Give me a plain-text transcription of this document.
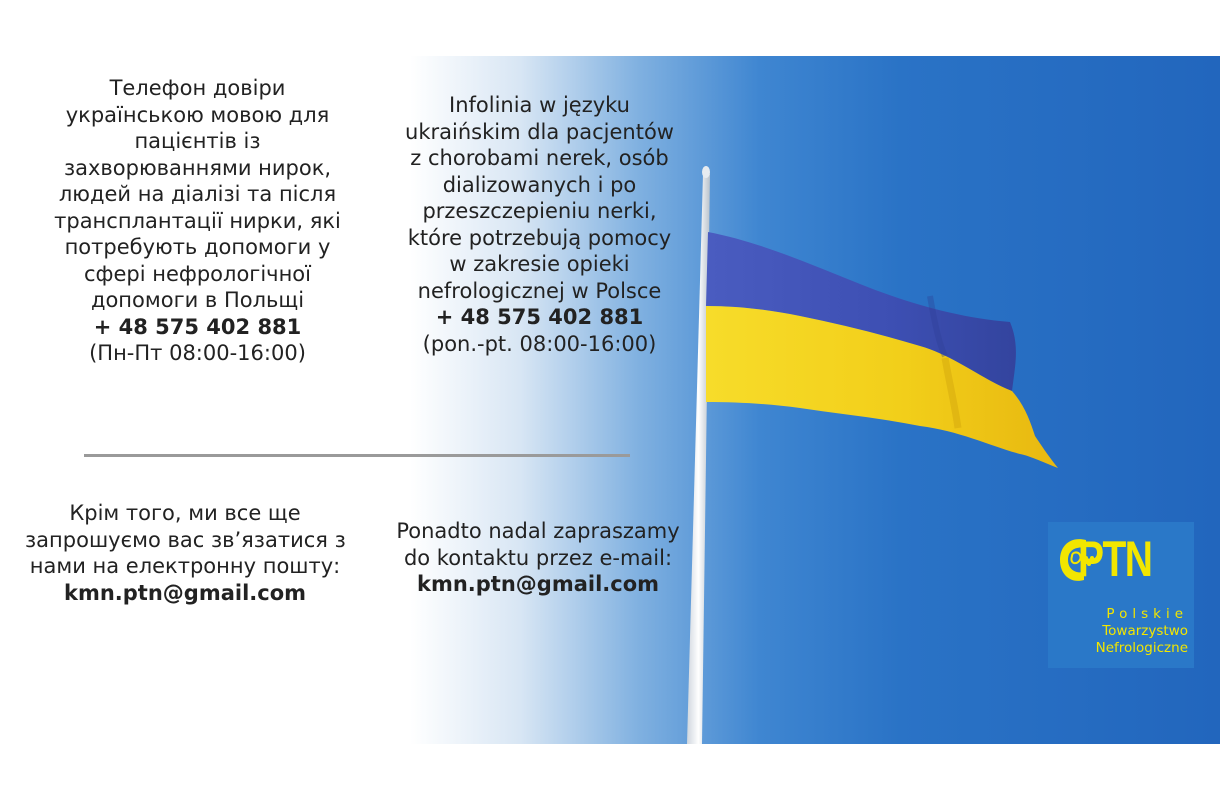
Телефон довіри
українською мовою для
пацієнтів із
захворюваннями нирок,
людей на діалізі та після
трансплантації нирки, які
потребують допомоги у
сфері нефрологічної
допомоги в Польщі
+ 48 575 402 881
(Пн-Пт 08:00-16:00)
Infolinia w języku
ukraińskim dla pacjentów
z chorobami nerek, osób
dializowanych i po
przeszczepieniu nerki,
które potrzebują pomocy
w zakresie opieki
nefrologicznej w Polsce
+ 48 575 402 881
(pon.-pt. 08:00-16:00)
Крім того, ми все ще
запрошуємо вас зв’язатися з
нами на електронну пошту:
kmn.ptn@gmail.com
Ponadto nadal zapraszamy
do kontaktu przez e-mail:
kmn.ptn@gmail.com	PTN
Polskie
Towarzystwo
Nefrologiczne
